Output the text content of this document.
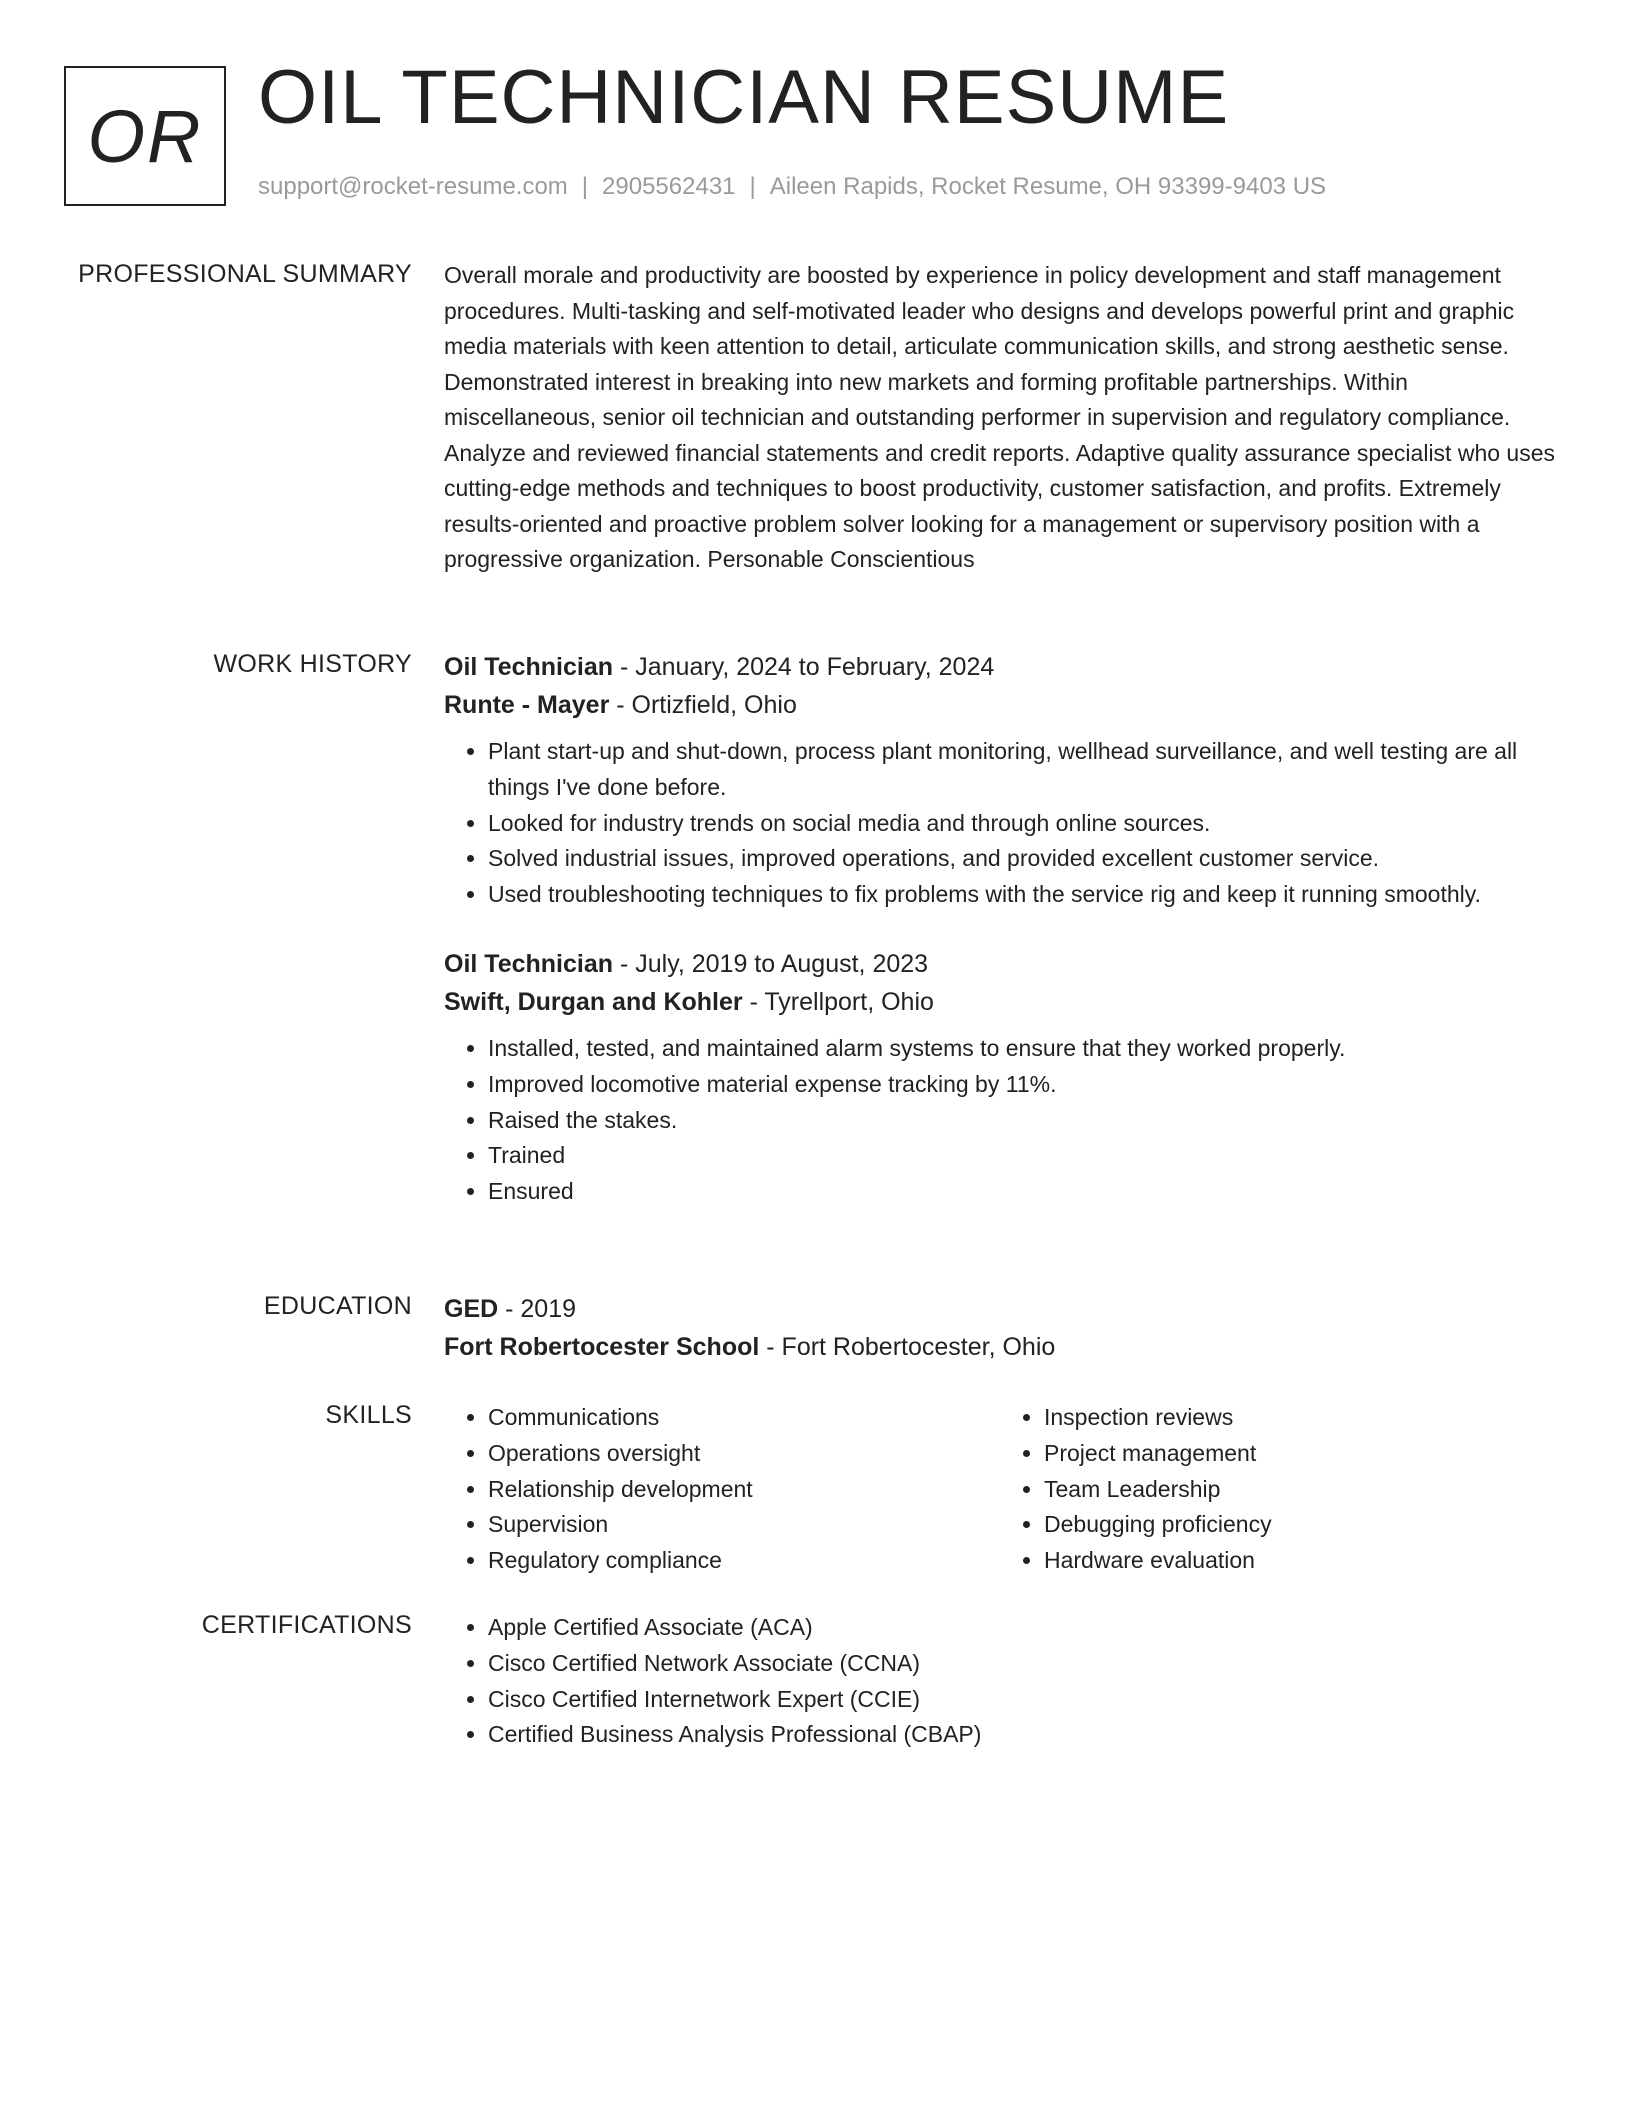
OR OIL TECHNICIAN RESUME
support@rocket-resume.com | 2905562431 | Aileen Rapids, Rocket Resume, OH 93399-9403 US
PROFESSIONAL SUMMARY Overall morale and productivity are boosted by experience in policy development and staff management procedures. Multi-tasking and self-motivated leader who designs and develops powerful print and graphic media materials with keen attention to detail, articulate communication skills, and strong aesthetic sense. Demonstrated interest in breaking into new markets and forming profitable partnerships. Within miscellaneous, senior oil technician and outstanding performer in supervision and regulatory compliance. Analyze and reviewed financial statements and credit reports. Adaptive quality assurance specialist who uses cutting-edge methods and techniques to boost productivity, customer satisfaction, and profits. Extremely results-oriented and proactive problem solver looking for a management or supervisory position with a progressive organization. Personable Conscientious

WORK HISTORY Oil Technician - January, 2024 to February, 2024
Runte - Mayer - Ortizfield, Ohio
• Plant start-up and shut-down, process plant monitoring, wellhead surveillance, and well testing are all things I've done before.
• Looked for industry trends on social media and through online sources.
• Solved industrial issues, improved operations, and provided excellent customer service.
• Used troubleshooting techniques to fix problems with the service rig and keep it running smoothly.
Oil Technician - July, 2019 to August, 2023
Swift, Durgan and Kohler - Tyrellport, Ohio
• Installed, tested, and maintained alarm systems to ensure that they worked properly.
• Improved locomotive material expense tracking by 11%.
• Raised the stakes.
• Trained
• Ensured
EDUCATION GED - 2019
Fort Robertocester School - Fort Robertocester, Ohio
SKILLS	• Communications
• Operations oversight
• Relationship development
• Supervision
• Regulatory compliance
• Inspection reviews
• Project management
• Team Leadership
• Debugging proficiency
• Hardware evaluation
CERTIFICATIONS	• Apple Certified Associate (ACA)
• Cisco Certified Network Associate (CCNA)
• Cisco Certified Internetwork Expert (CCIE)
• Certified Business Analysis Professional (CBAP)
